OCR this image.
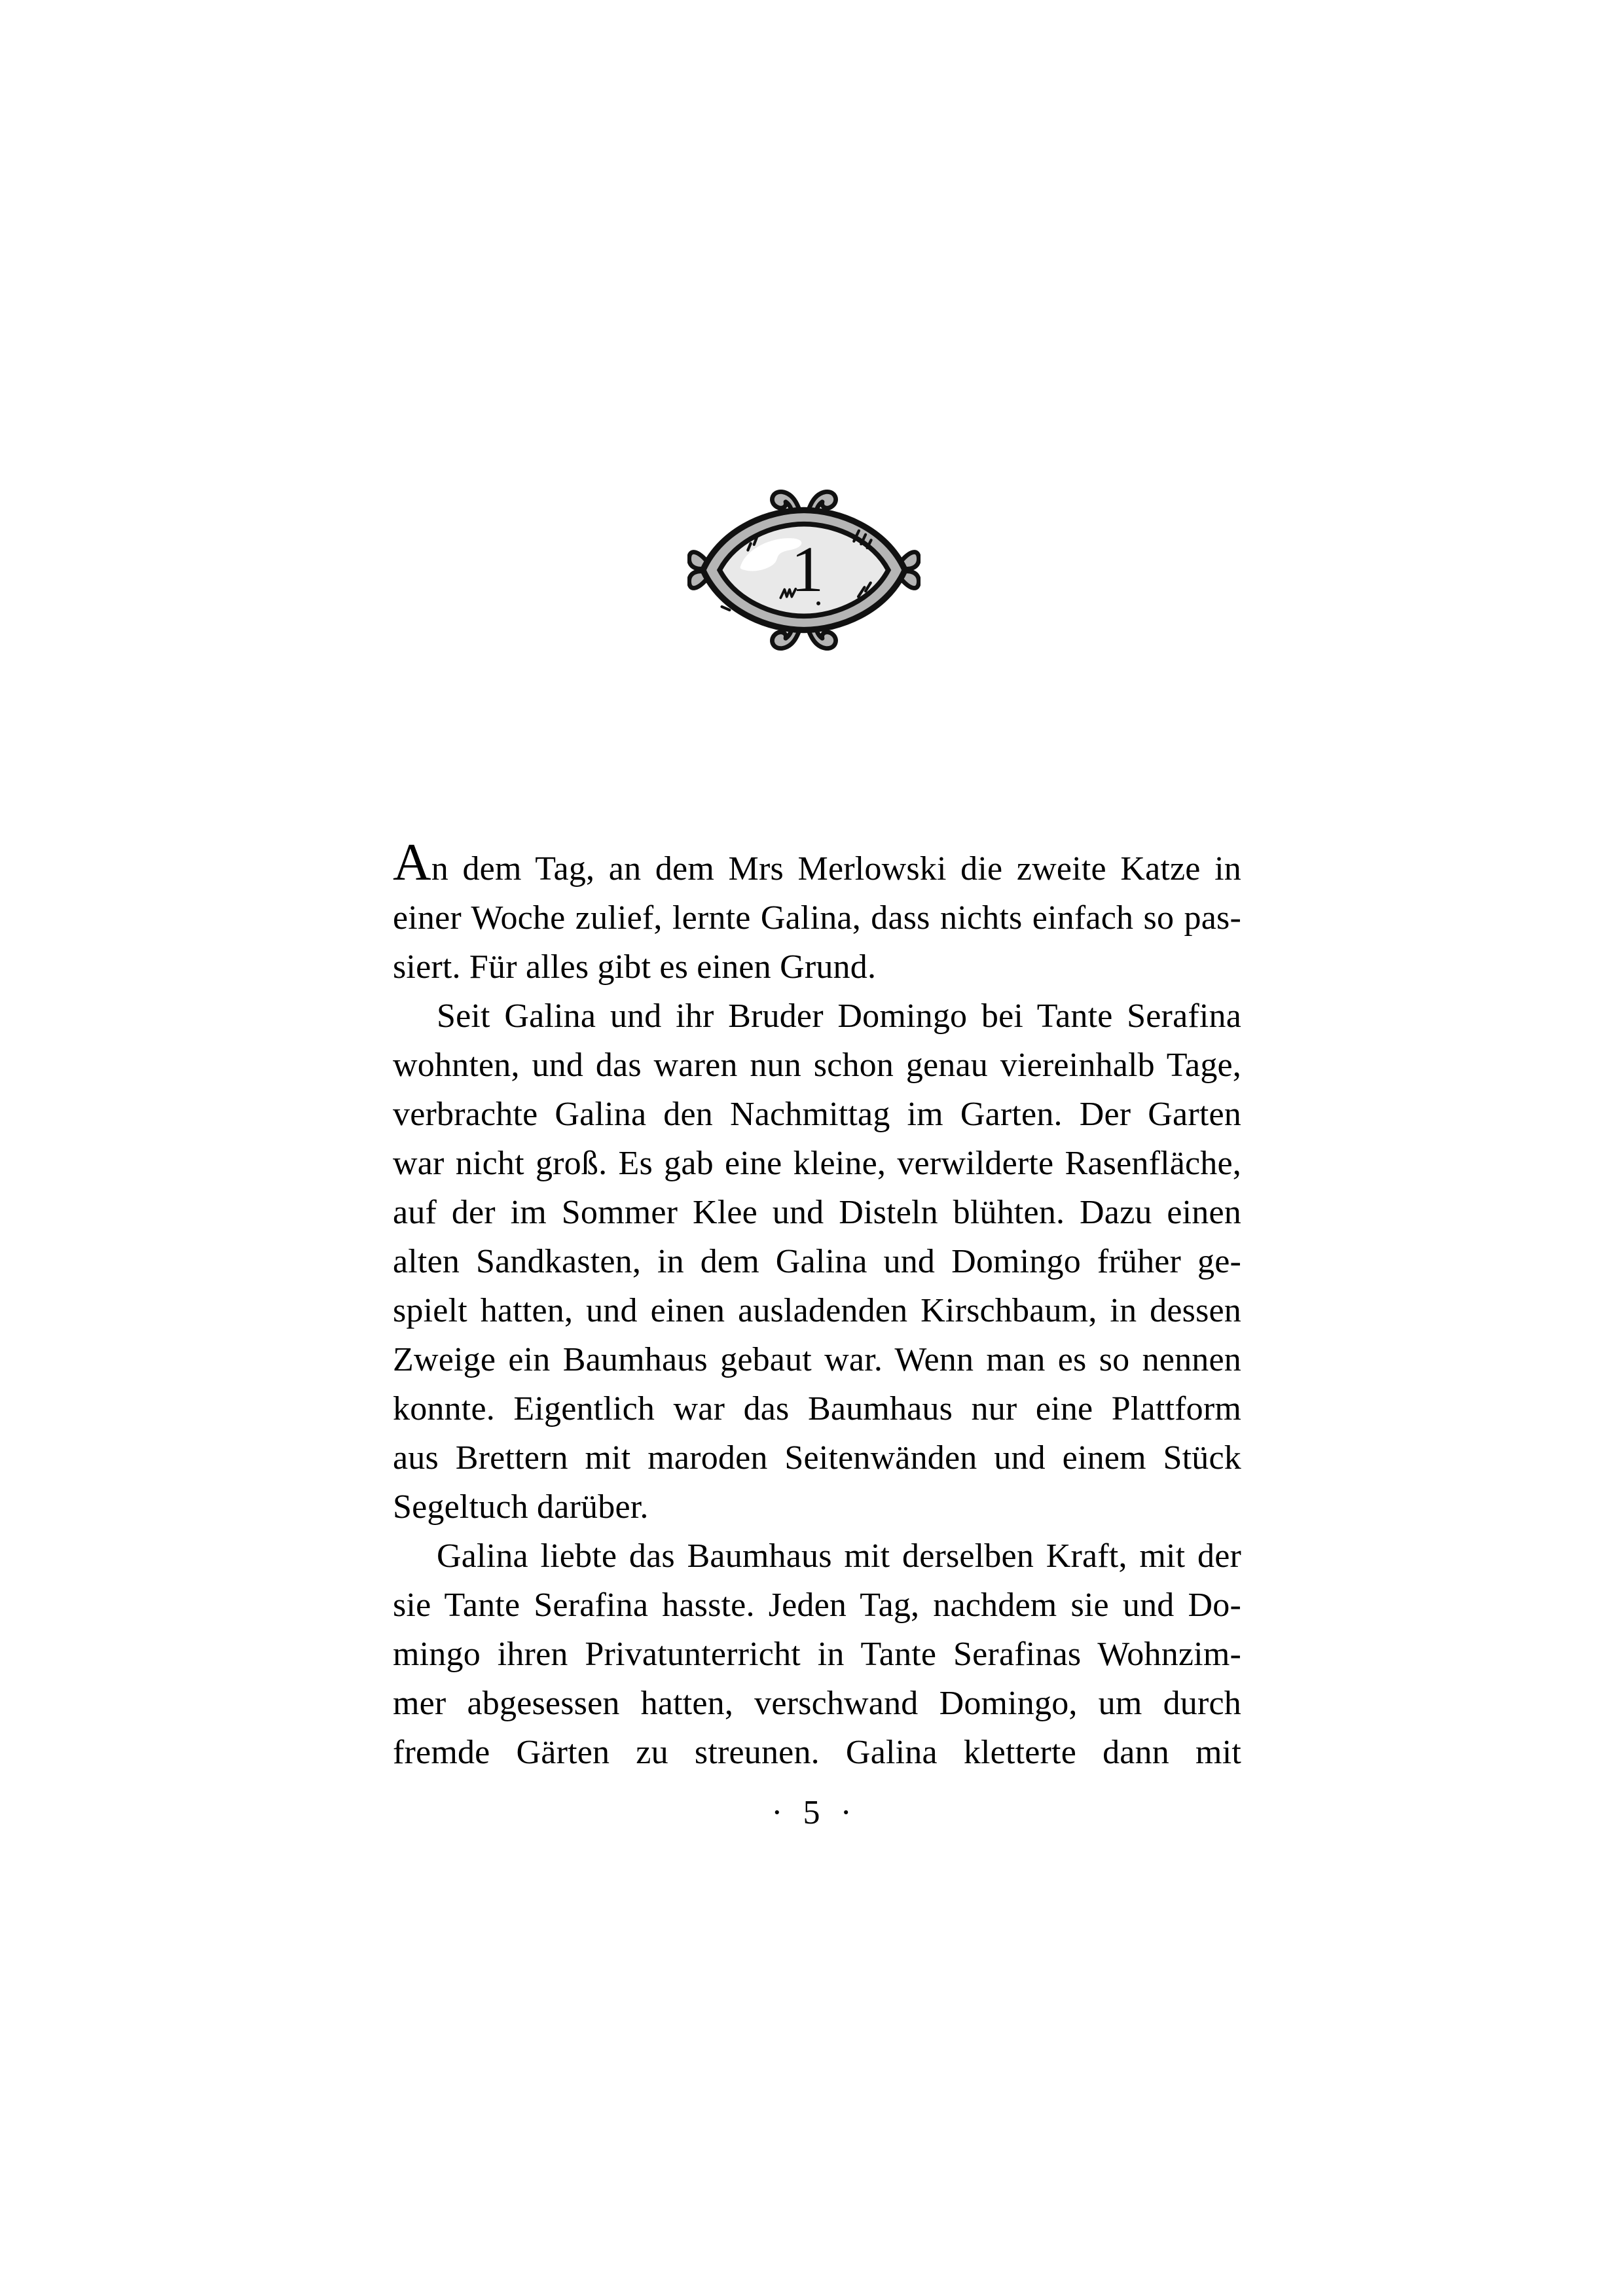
1
An dem Tag, an dem Mrs Merlowski die zweite Katze in
einer Woche zulief, lernte Galina, dass nichts einfach so pas-
siert. Für alles gibt es einen Grund.
Seit Galina und ihr Bruder Domingo bei Tante Serafina
wohnten, und das waren nun schon genau viereinhalb Tage,
verbrachte Galina den Nachmittag im Garten. Der Garten
war nicht groß. Es gab eine kleine, verwilderte Rasenfläche,
auf der im Sommer Klee und Disteln blühten. Dazu einen
alten Sandkasten, in dem Galina und Domingo früher ge-
spielt hatten, und einen ausladenden Kirschbaum, in dessen
Zweige ein Baumhaus gebaut war. Wenn man es so nennen
konnte. Eigentlich war das Baumhaus nur eine Plattform
aus Brettern mit maroden Seitenwänden und einem Stück
Segeltuch darüber.
Galina liebte das Baumhaus mit derselben Kraft, mit der
sie Tante Serafina hasste. Jeden Tag, nachdem sie und Do-
mingo ihren Privatunterricht in Tante Serafinas Wohnzim-
mer abgesessen hatten, verschwand Domingo, um durch
fremde Gärten zu streunen. Galina kletterte dann mit
· 5 ·
